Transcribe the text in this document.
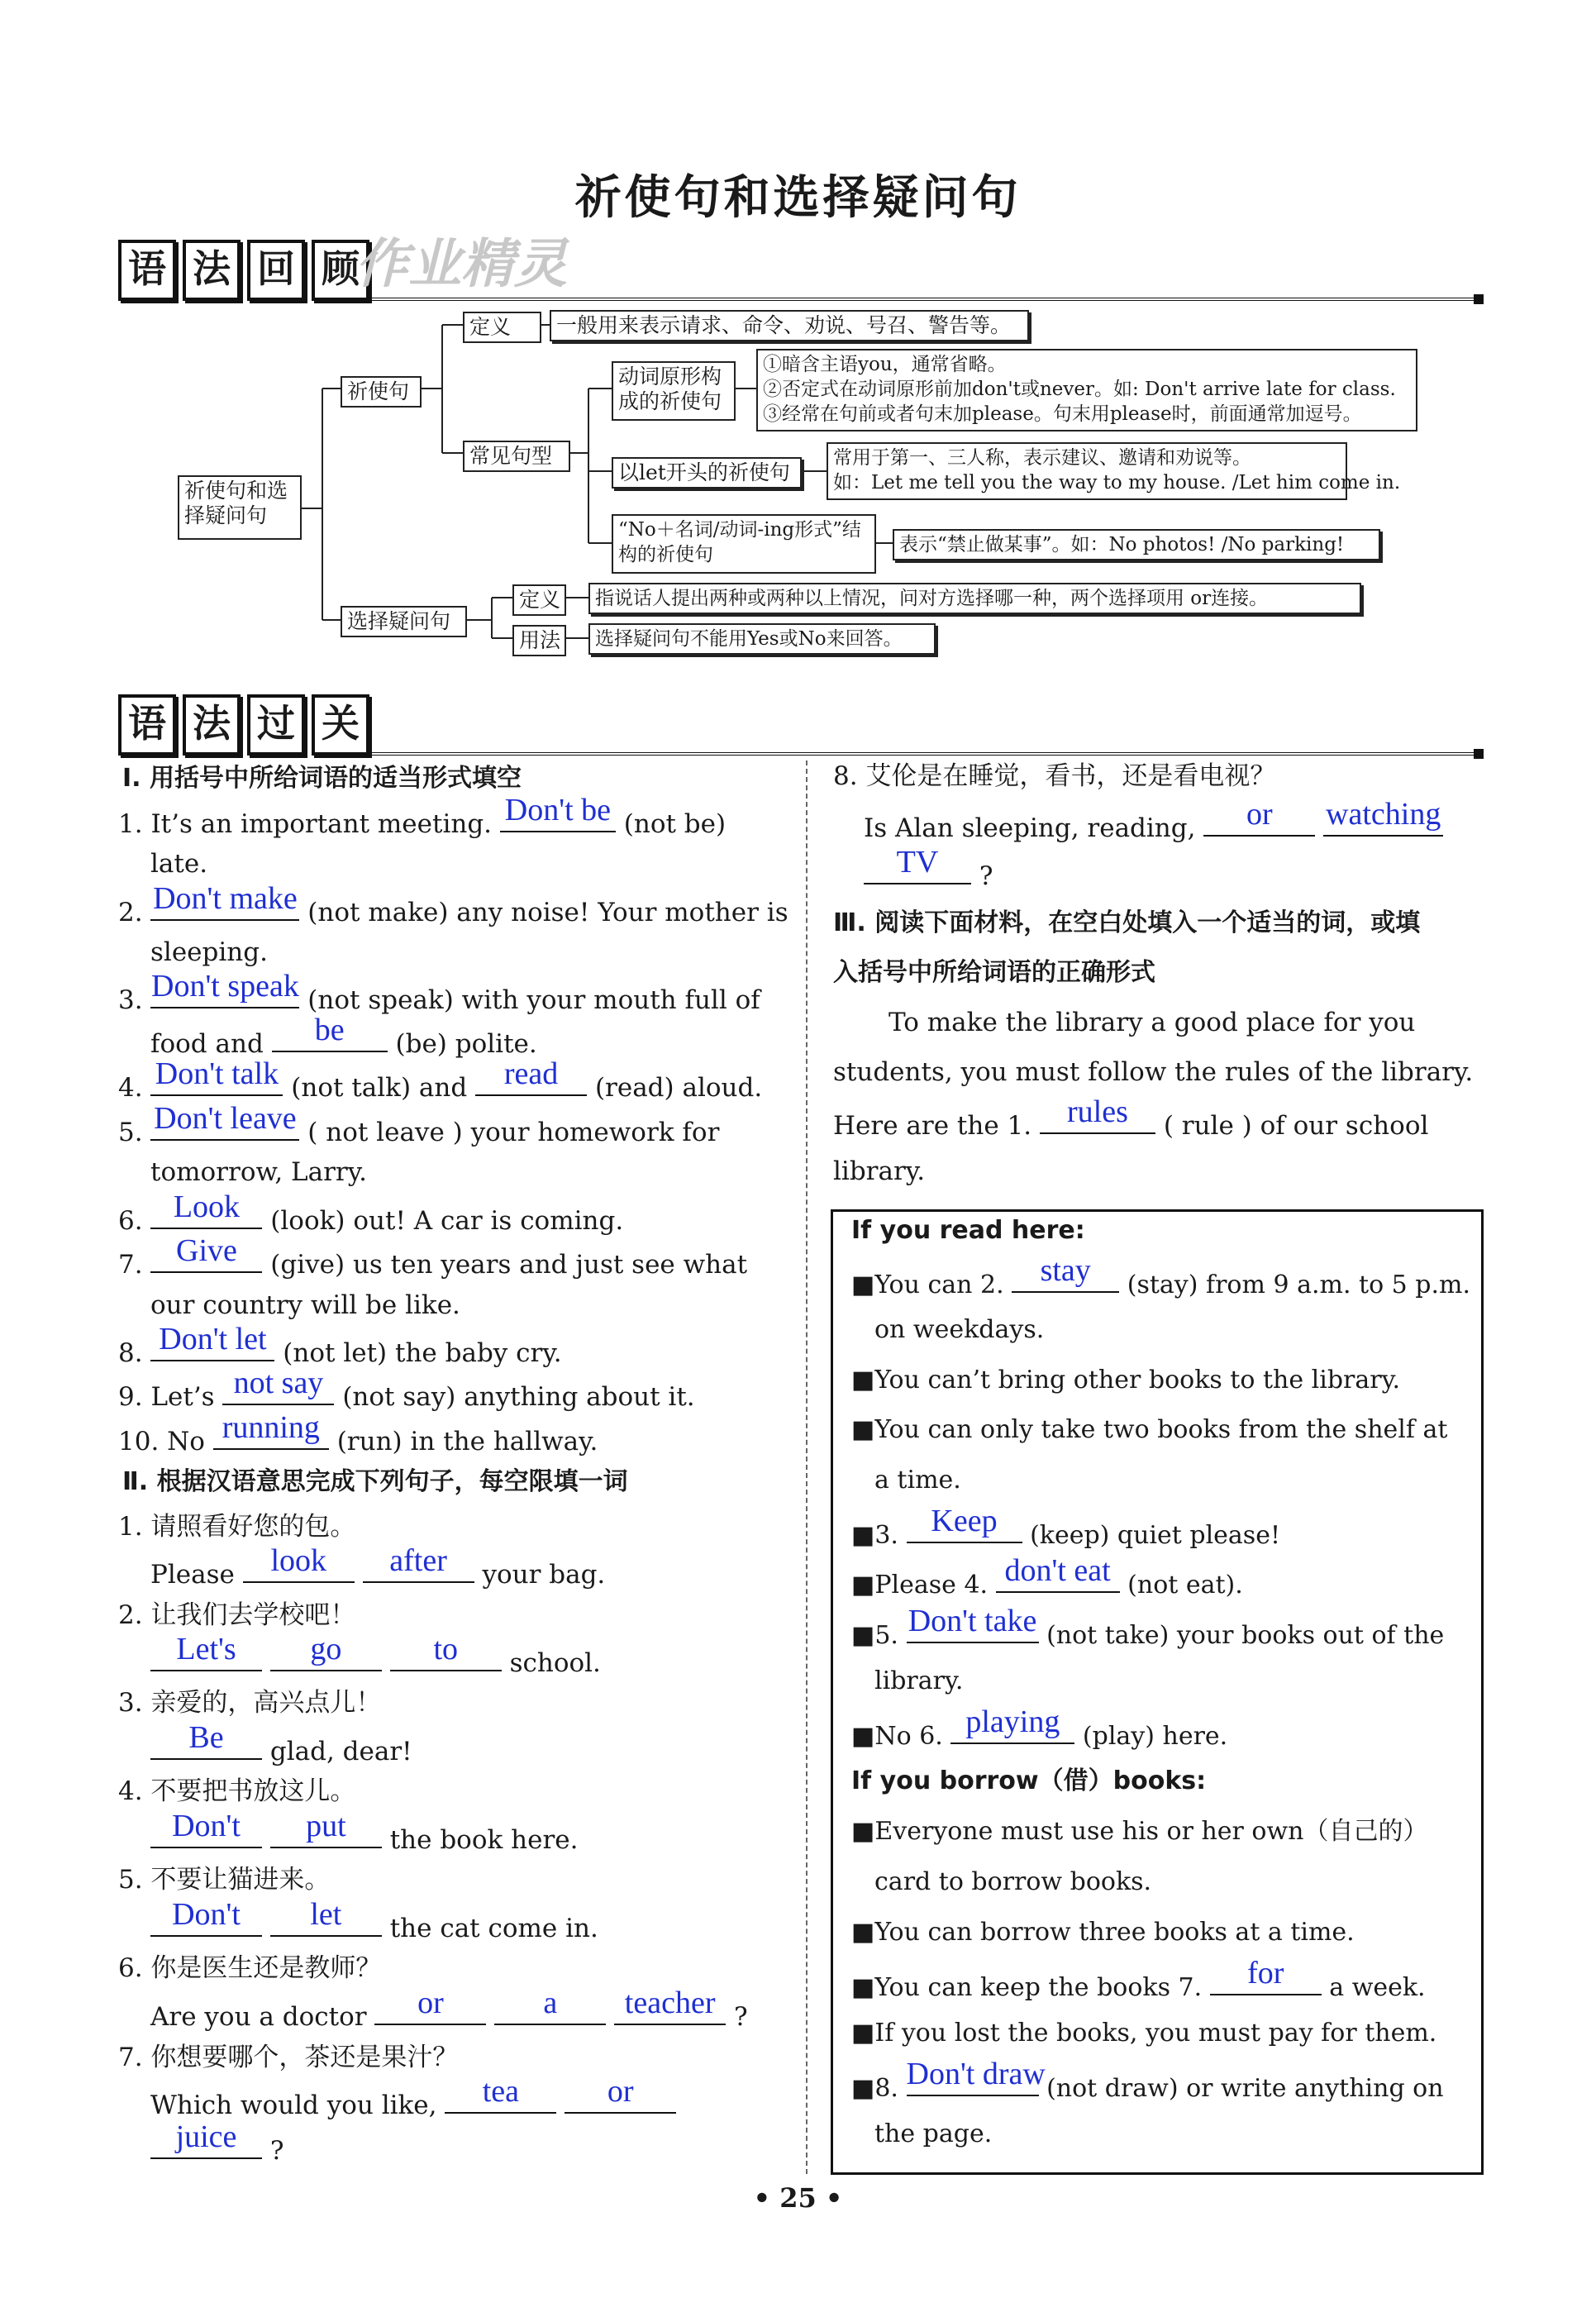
祈使句和选择疑问句
语 法 回 顾
作业精灵
祈使句和选择疑问句
祈使句
定义	一般用来表示请求、命令、劝说、号召、警告等。
常见句型
动词原形构成的祈使句
①暗含主语you，通常省略。
②否定式在动词原形前加don't或never。如: Don't arrive late for class.
③经常在句前或者句末加please。句末用please时，前面通常加逗号。
以let开头的祈使句
常用于第一、三人称，表示建议、邀请和劝说等。
如：Let me tell you the way to my house. /Let him come in.
“No＋名词/动词-ing形式”结构的祈使句	表示“禁止做某事”。如：No photos! /No parking!
选择疑问句
定义	指说话人提出两种或两种以上情况，问对方选择哪一种，两个选择项用 or连接。
用法	选择疑问句不能用Yes或No来回答。
语 法 过 关
Ⅰ. 用括号中所给词语的适当形式填空
1. It’s an important meeting. Don't be (not be)
late.
2. Don't make (not make) any noise! Your mother is
sleeping.
3. Don't speak (not speak) with your mouth full of
food and	be	(be) polite.
4. Don't talk (not talk) and	read	(read) aloud.
5. Don't leave ( not leave ) your homework for
tomorrow, Larry.
6. Look	(look) out! A car is coming.
7.	Give	(give) us ten years and just see what
our country will be like.
8. Don't let (not let) the baby cry.
9. Let’s not say (not say) anything about it.
10. No running (run) in the hallway.
Ⅱ. 根据汉语意思完成下列句子，每空限填一词
1. 请照看好您的包。
Please	look
	after	your bag.
2. 让我们去学校吧！
Let's
	go
	to	school.
3. 亲爱的，高兴点儿！
Be	glad, dear!
4. 不要把书放这儿。
Don't
	put	the book here.
5. 不要让猫进来。
Don't
	let	the cat come in.
6. 你是医生还是教师？
Are you a doctor	or
	a
	teacher ?
7. 你想要哪个，茶还是果汁？
Which would you like,	tea
	or
juice	?
8. 艾伦是在睡觉，看书，还是看电视？
Is Alan sleeping, reading,	or
	watching
TV	?
Ⅲ. 阅读下面材料，在空白处填入一个适当的词，或填
入括号中所给词语的正确形式
To make the library a good place for you
students, you must follow the rules of the library.
Here are the 1.	rules	( rule ) of our school
library.
If you read here:
■You can 2.	stay	(stay) from 9 a.m. to 5 p.m.
on weekdays.
■You can’t bring other books to the library.
■You can only take two books from the shelf at
a time.
■3.	Keep	(keep) quiet please!
■Please 4. don't eat (not eat).
■5. Don't take (not take) your books out of the
library.
■No 6. playing (play) here.
If you borrow（借）books:
■Everyone must use his or her own（自己的）
card to borrow books.
■You can borrow three books at a time.
■You can keep the books 7.	for	a week.
■If you lost the books, you must pay for them.
■8. Don't draw (not draw) or write anything on
the page.
• 25 •
